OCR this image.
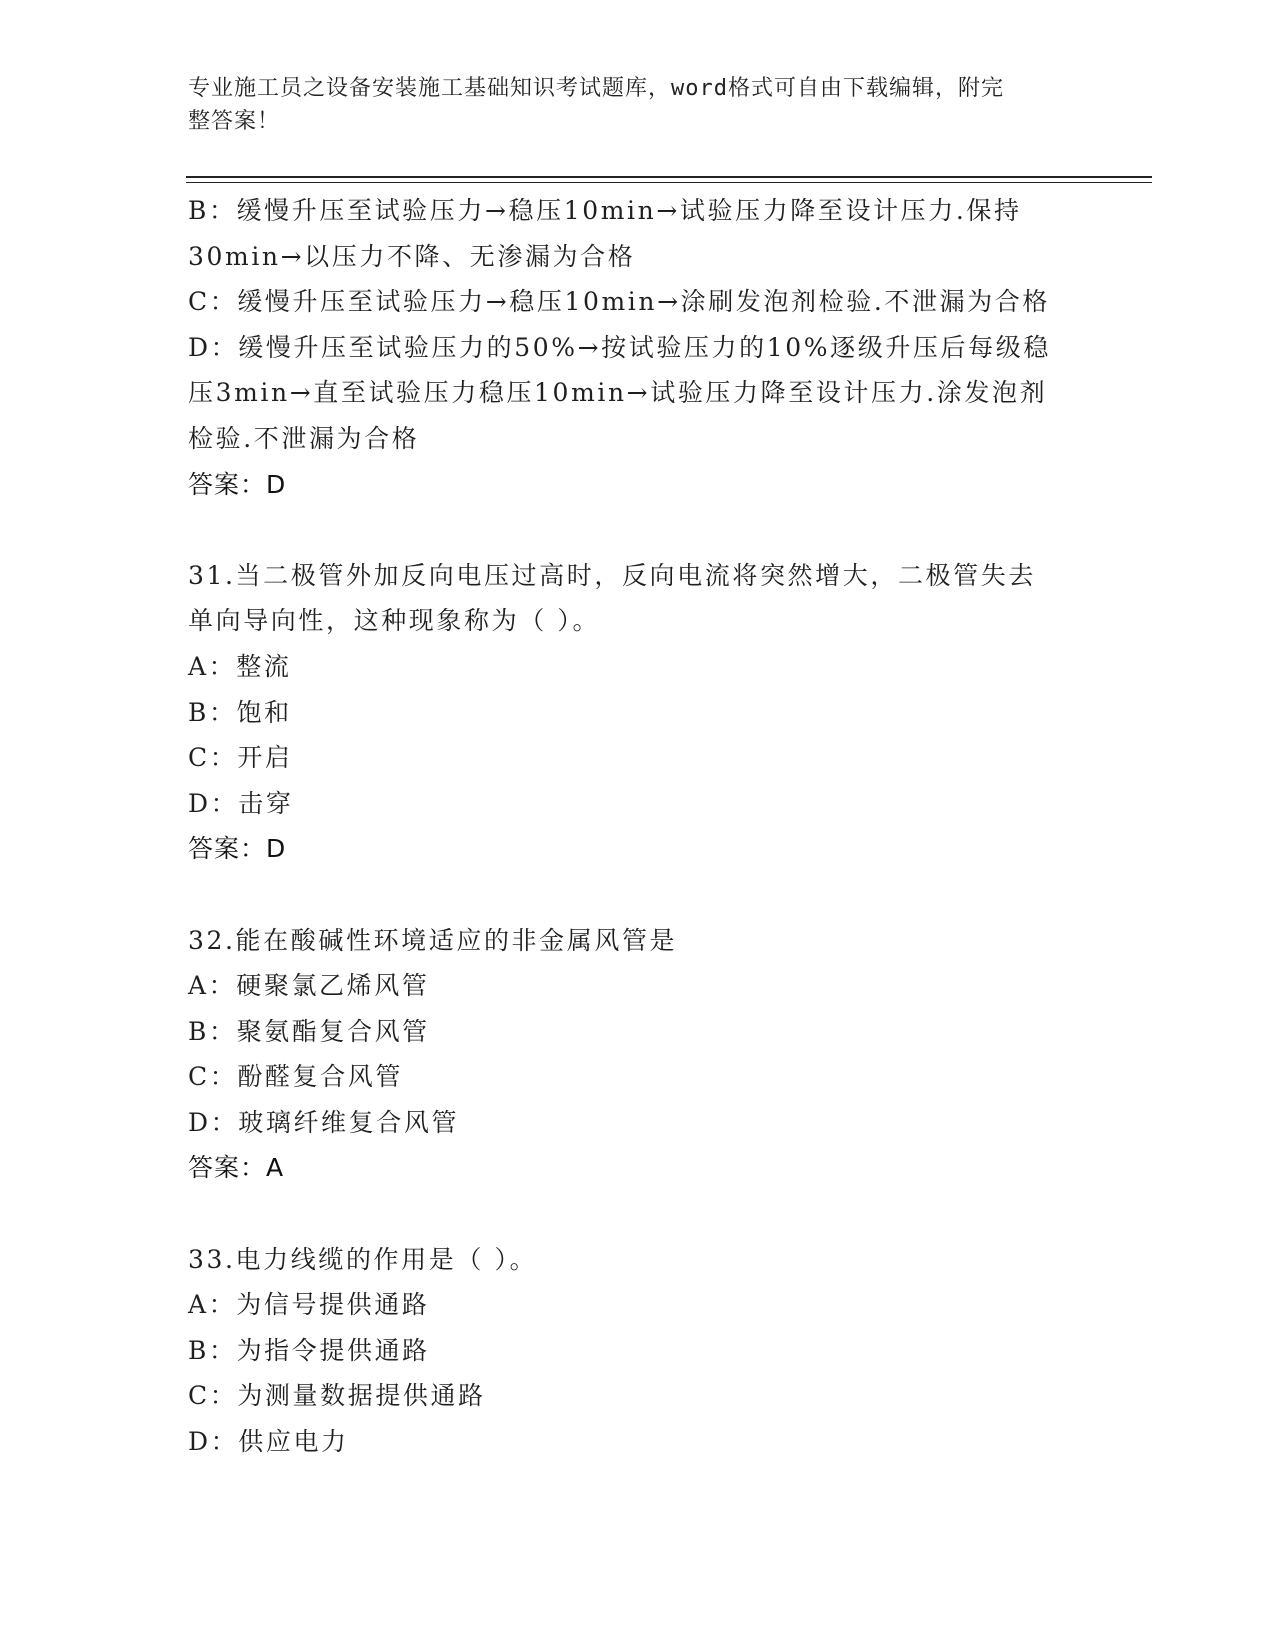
专业施工员之设备安装施工基础知识考试题库，word格式可自由下载编辑，附完
整答案！
B：缓慢升压至试验压力→稳压10min→试验压力降至设计压力.保持
30min→以压力不降、无渗漏为合格
C：缓慢升压至试验压力→稳压10min→涂刷发泡剂检验.不泄漏为合格
D：缓慢升压至试验压力的50%→按试验压力的10%逐级升压后每级稳
压3min→直至试验压力稳压10min→试验压力降至设计压力.涂发泡剂
检验.不泄漏为合格
答案：D
31.当二极管外加反向电压过高时，反向电流将突然增大，二极管失去
单向导向性，这种现象称为（ ）。
A：整流
B：饱和
C：开启
D：击穿
答案：D
32.能在酸碱性环境适应的非金属风管是
A：硬聚氯乙烯风管
B：聚氨酯复合风管
C：酚醛复合风管
D：玻璃纤维复合风管
答案：A
33.电力线缆的作用是（ ）。
A：为信号提供通路
B：为指令提供通路
C：为测量数据提供通路
D：供应电力
